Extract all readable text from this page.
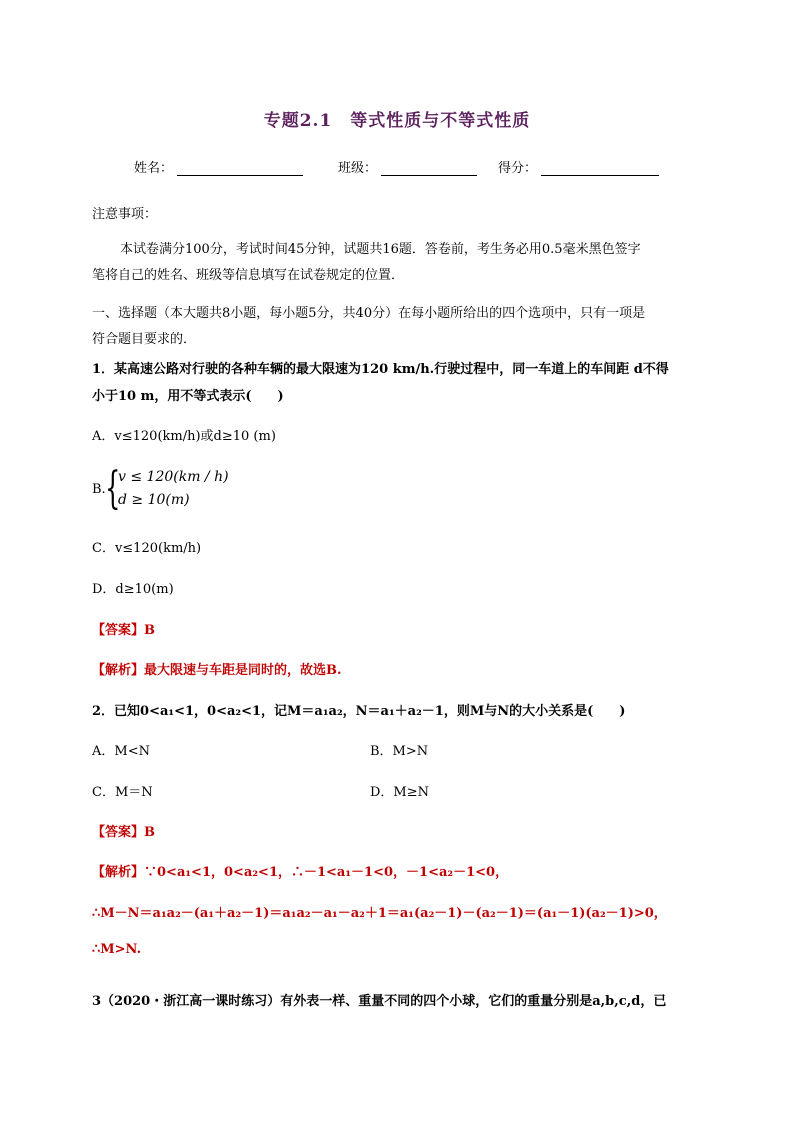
专题2.1　等式性质与不等式性质
姓名：	班级：	得分：
注意事项：
本试卷满分100分，考试时间45分钟，试题共16题．答卷前，考生务必用0.5毫米黑色签字
笔将自己的姓名、班级等信息填写在试卷规定的位置．
一、选择题（本大题共8小题，每小题5分，共40分）在每小题所给出的四个选项中，只有一项是
符合题目要求的．
1．某高速公路对行驶的各种车辆的最大限速为120 km/h.行驶过程中，同一车道上的车间距 d不得
小于10 m，用不等式表示(　　)
A．v≤120(km/h)或d≥10 (m)
B. {
v ≤ 120(km / h)
d ≥ 10(m)
C．v≤120(km/h)
D．d≥10(m)
【答案】B
【解析】最大限速与车距是同时的，故选B.
2．已知0<a₁<1，0<a₂<1，记M＝a₁a₂，N＝a₁＋a₂－1，则M与N的大小关系是(　　)
A．M<N	B．M>N
C．M＝N	D．M≥N
【答案】B
【解析】∵0<a₁<1，0<a₂<1，∴－1<a₁－1<0，－1<a₂－1<0，
∴M－N＝a₁a₂－(a₁＋a₂－1)＝a₁a₂－a₁－a₂＋1＝a₁(a₂－1)－(a₂－1)＝(a₁－1)(a₂－1)>0，
∴M>N.
3（2020・浙江高一课时练习）有外表一样、重量不同的四个小球，它们的重量分别是a,b,c,d，已
